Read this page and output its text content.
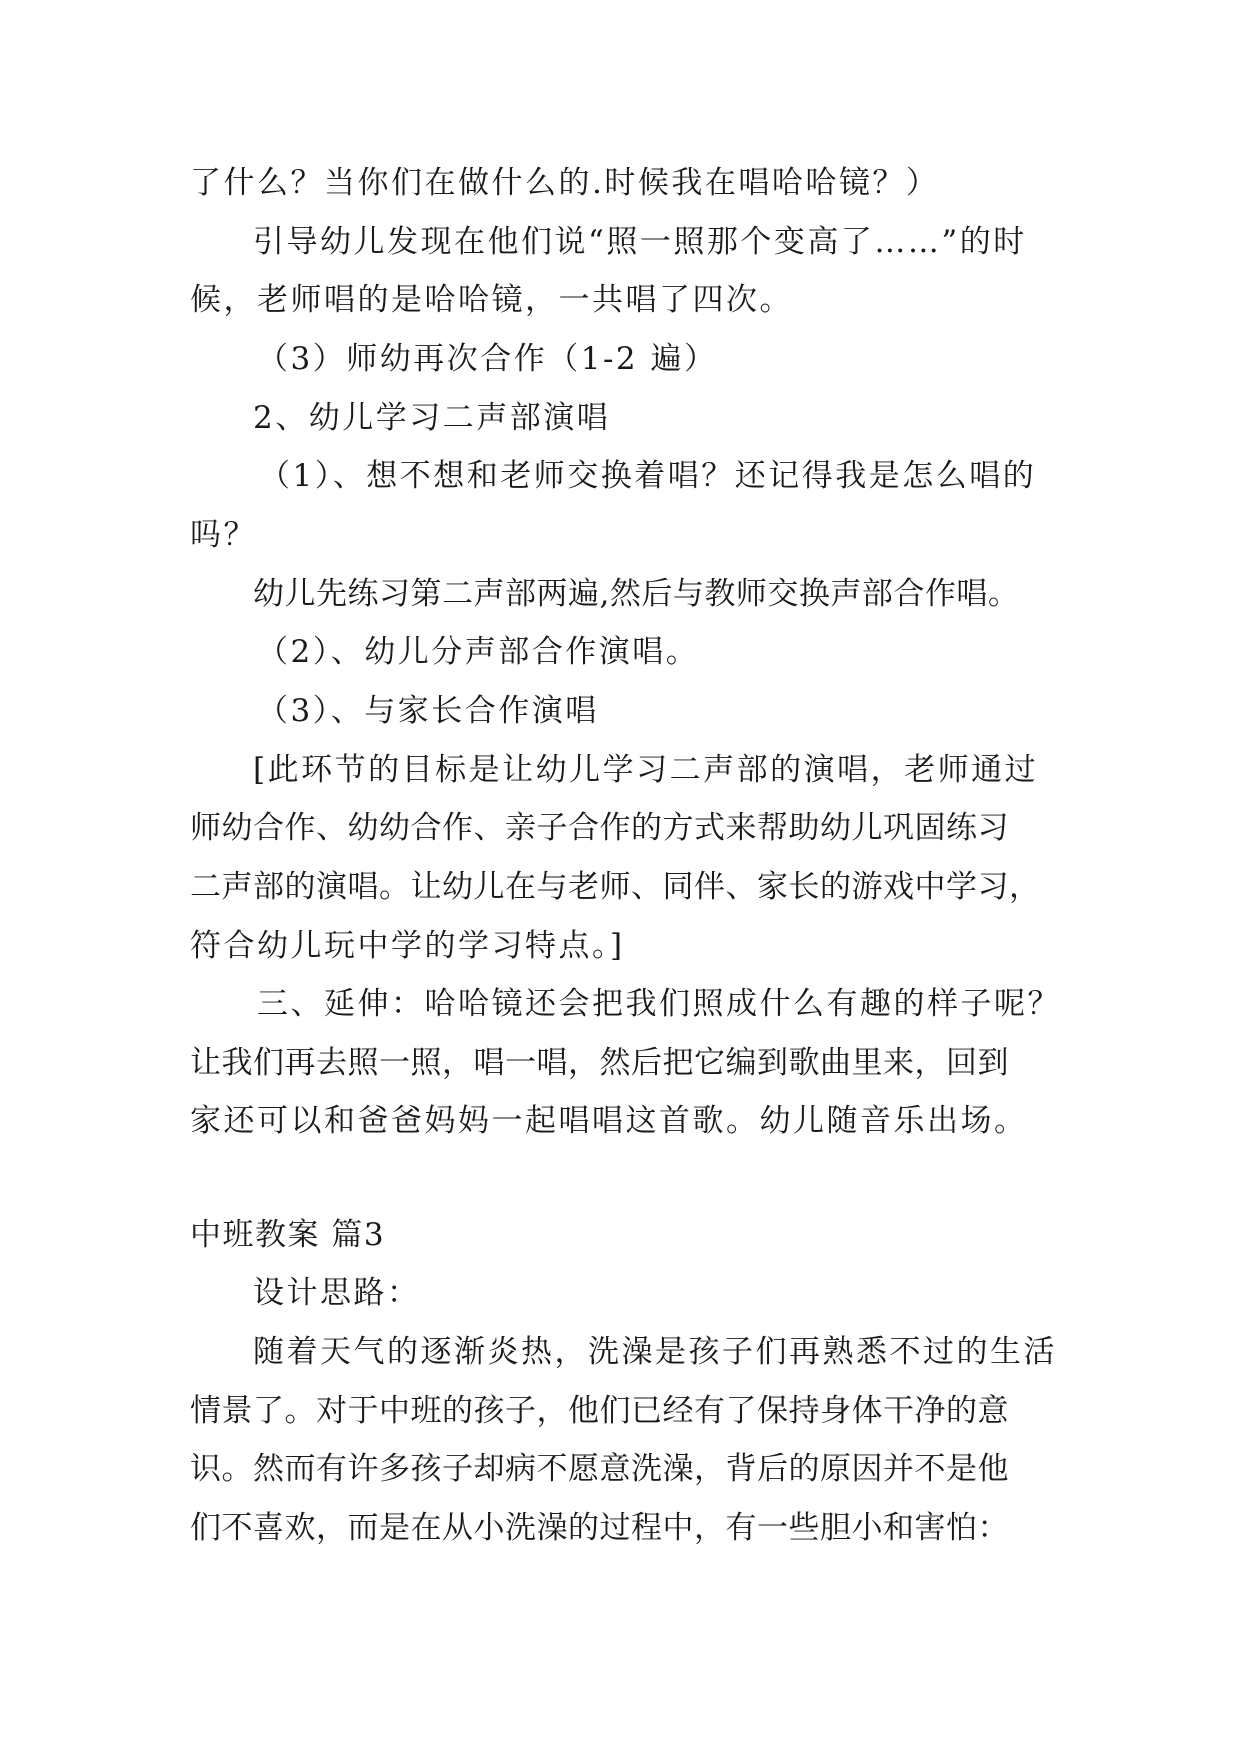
了什么？当你们在做什么的.时候我在唱哈哈镜？）
引导幼儿发现在他们说“照一照那个变高了……”的时
候，老师唱的是哈哈镜，一共唱了四次。
（3）师幼再次合作（1-2 遍）
2、幼儿学习二声部演唱
（1）、想不想和老师交换着唱？还记得我是怎么唱的
吗？
幼儿先练习第二声部两遍,然后与教师交换声部合作唱。
（2）、幼儿分声部合作演唱。
（3）、与家长合作演唱
[此环节的目标是让幼儿学习二声部的演唱，老师通过
师幼合作、幼幼合作、亲子合作的方式来帮助幼儿巩固练习
二声部的演唱。让幼儿在与老师、同伴、家长的游戏中学习，
符合幼儿玩中学的学习特点。]
三、延伸：哈哈镜还会把我们照成什么有趣的样子呢？
让我们再去照一照，唱一唱，然后把它编到歌曲里来，回到
家还可以和爸爸妈妈一起唱唱这首歌。幼儿随音乐出场。
中班教案 篇3
设计思路：
随着天气的逐渐炎热，洗澡是孩子们再熟悉不过的生活
情景了。对于中班的孩子，他们已经有了保持身体干净的意
识。然而有许多孩子却病不愿意洗澡，背后的原因并不是他
们不喜欢，而是在从小洗澡的过程中，有一些胆小和害怕：
